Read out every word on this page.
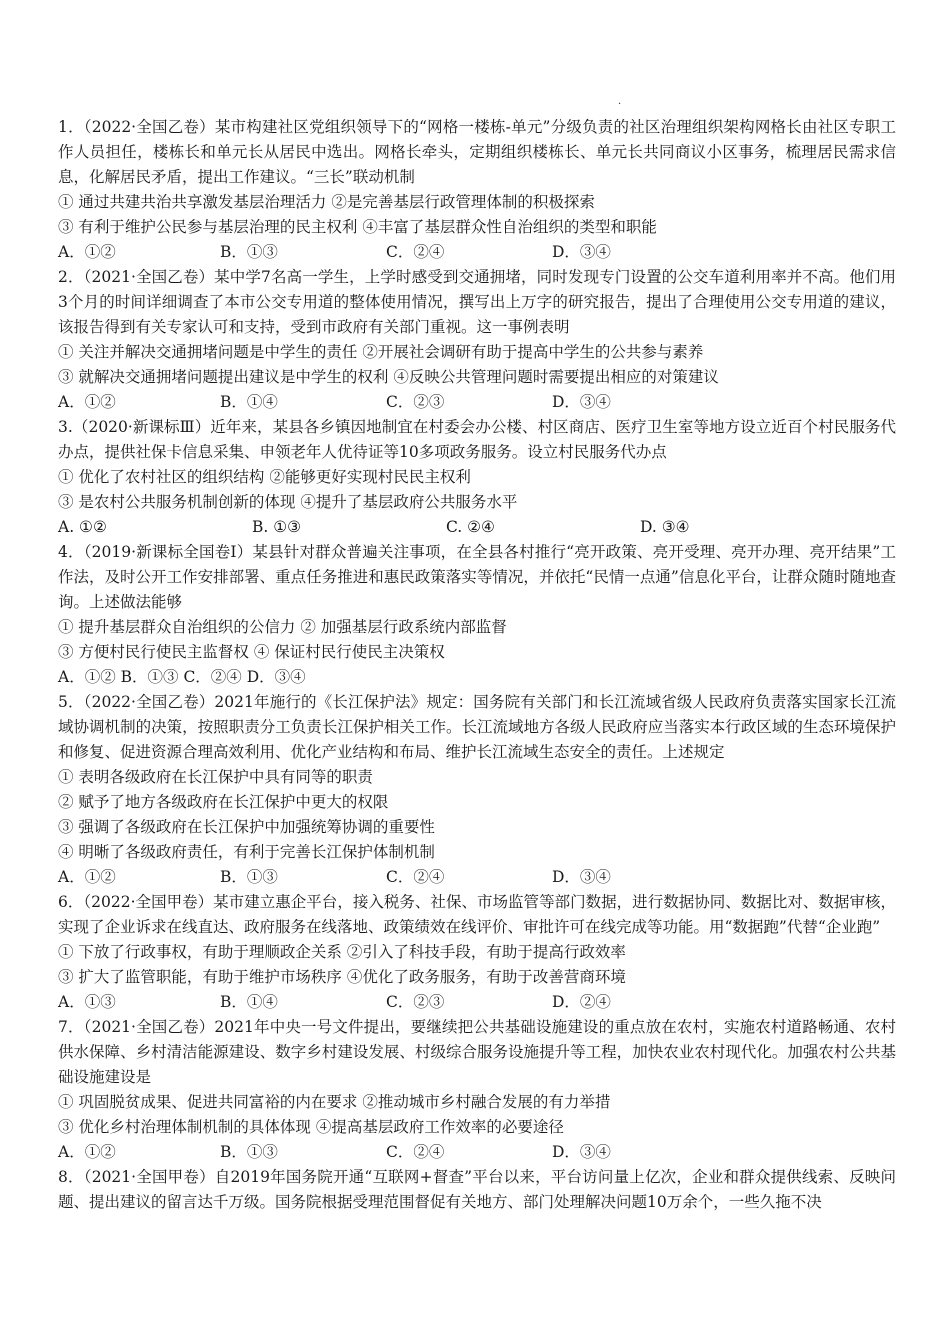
·
1．（2022·全国乙卷）某市构建社区党组织领导下的“网格一楼栋-单元”分级负责的社区治理组织架构网格长由社区专职工作人员担任，楼栋长和单元长从居民中选出。网格长牵头，定期组织楼栋长、单元长共同商议小区事务，梳理居民需求信息，化解居民矛盾，提出工作建议。“三长”联动机制
① 通过共建共治共享激发基层治理活力 ②是完善基层行政管理体制的积极探索
③ 有利于维护公民参与基层治理的民主权利 ④丰富了基层群众性自治组织的类型和职能
A．①②	B．①③	C．②④	D．③④
2．（2021·全国乙卷）某中学7名高一学生，上学时感受到交通拥堵，同时发现专门设置的公交车道利用率并不高。他们用3个月的时间详细调查了本市公交专用道的整体使用情况，撰写出上万字的研究报告，提出了合理使用公交专用道的建议，该报告得到有关专家认可和支持，受到市政府有关部门重视。这一事例表明
① 关注并解决交通拥堵问题是中学生的责任 ②开展社会调研有助于提高中学生的公共参与素养
③ 就解决交通拥堵问题提出建议是中学生的权利 ④反映公共管理问题时需要提出相应的对策建议
A．①②	B．①④	C．②③	D．③④
3.（2020·新课标Ⅲ）近年来，某县各乡镇因地制宜在村委会办公楼、村区商店、医疗卫生室等地方设立近百个村民服务代办点，提供社保卡信息采集、申领老年人优待证等10多项政务服务。设立村民服务代办点
① 优化了农村社区的组织结构 ②能够更好实现村民民主权利
③ 是农村公共服务机制创新的体现 ④提升了基层政府公共服务水平
A. ①②	B. ①③	C. ②④	D. ③④
4．（2019·新课标全国卷Ⅰ）某县针对群众普遍关注事项，在全县各村推行“亮开政策、亮开受理、亮开办理、亮开结果”工作法，及时公开工作安排部署、重点任务推进和惠民政策落实等情况，并依托“民情一点通”信息化平台，让群众随时随地查询。上述做法能够
① 提升基层群众自治组织的公信力 ② 加强基层行政系统内部监督
③ 方便村民行使民主监督权 ④ 保证村民行使民主决策权
A．①② B．①③ C．②④ D．③④
5．（2022·全国乙卷）2021年施行的《长江保护法》规定：国务院有关部门和长江流域省级人民政府负责落实国家长江流域协调机制的决策，按照职责分工负责长江保护相关工作。长江流域地方各级人民政府应当落实本行政区域的生态环境保护和修复、促进资源合理高效利用、优化产业结构和布局、维护长江流域生态安全的责任。上述规定
① 表明各级政府在长江保护中具有同等的职责
② 赋予了地方各级政府在长江保护中更大的权限
③ 强调了各级政府在长江保护中加强统筹协调的重要性
④ 明晰了各级政府责任，有利于完善长江保护体制机制
A．①②	B．①③	C．②④	D．③④
6．（2022·全国甲卷）某市建立惠企平台，接入税务、社保、市场监管等部门数据，进行数据协同、数据比对、数据审核，实现了企业诉求在线直达、政府服务在线落地、政策绩效在线评价、审批许可在线完成等功能。用“数据跑”代替“企业跑”
① 下放了行政事权，有助于理顺政企关系 ②引入了科技手段，有助于提高行政效率
③ 扩大了监管职能，有助于维护市场秩序 ④优化了政务服务，有助于改善营商环境
A．①③	B．①④	C．②③	D．②④
7．（2021·全国乙卷）2021年中央一号文件提出，要继续把公共基础设施建设的重点放在农村，实施农村道路畅通、农村供水保障、乡村清洁能源建设、数字乡村建设发展、村级综合服务设施提升等工程，加快农业农村现代化。加强农村公共基础设施建设是
① 巩固脱贫成果、促进共同富裕的内在要求 ②推动城市乡村融合发展的有力举措
③ 优化乡村治理体制机制的具体体现 ④提高基层政府工作效率的必要途径
A．①②	B．①③	C．②④	D．③④
8．（2021·全国甲卷）自2019年国务院开通“互联网+督查”平台以来，平台访问量上亿次，企业和群众提供线索、反映问题、提出建议的留言达千万级。国务院根据受理范围督促有关地方、部门处理解决问题10万余个，一些久拖不决
